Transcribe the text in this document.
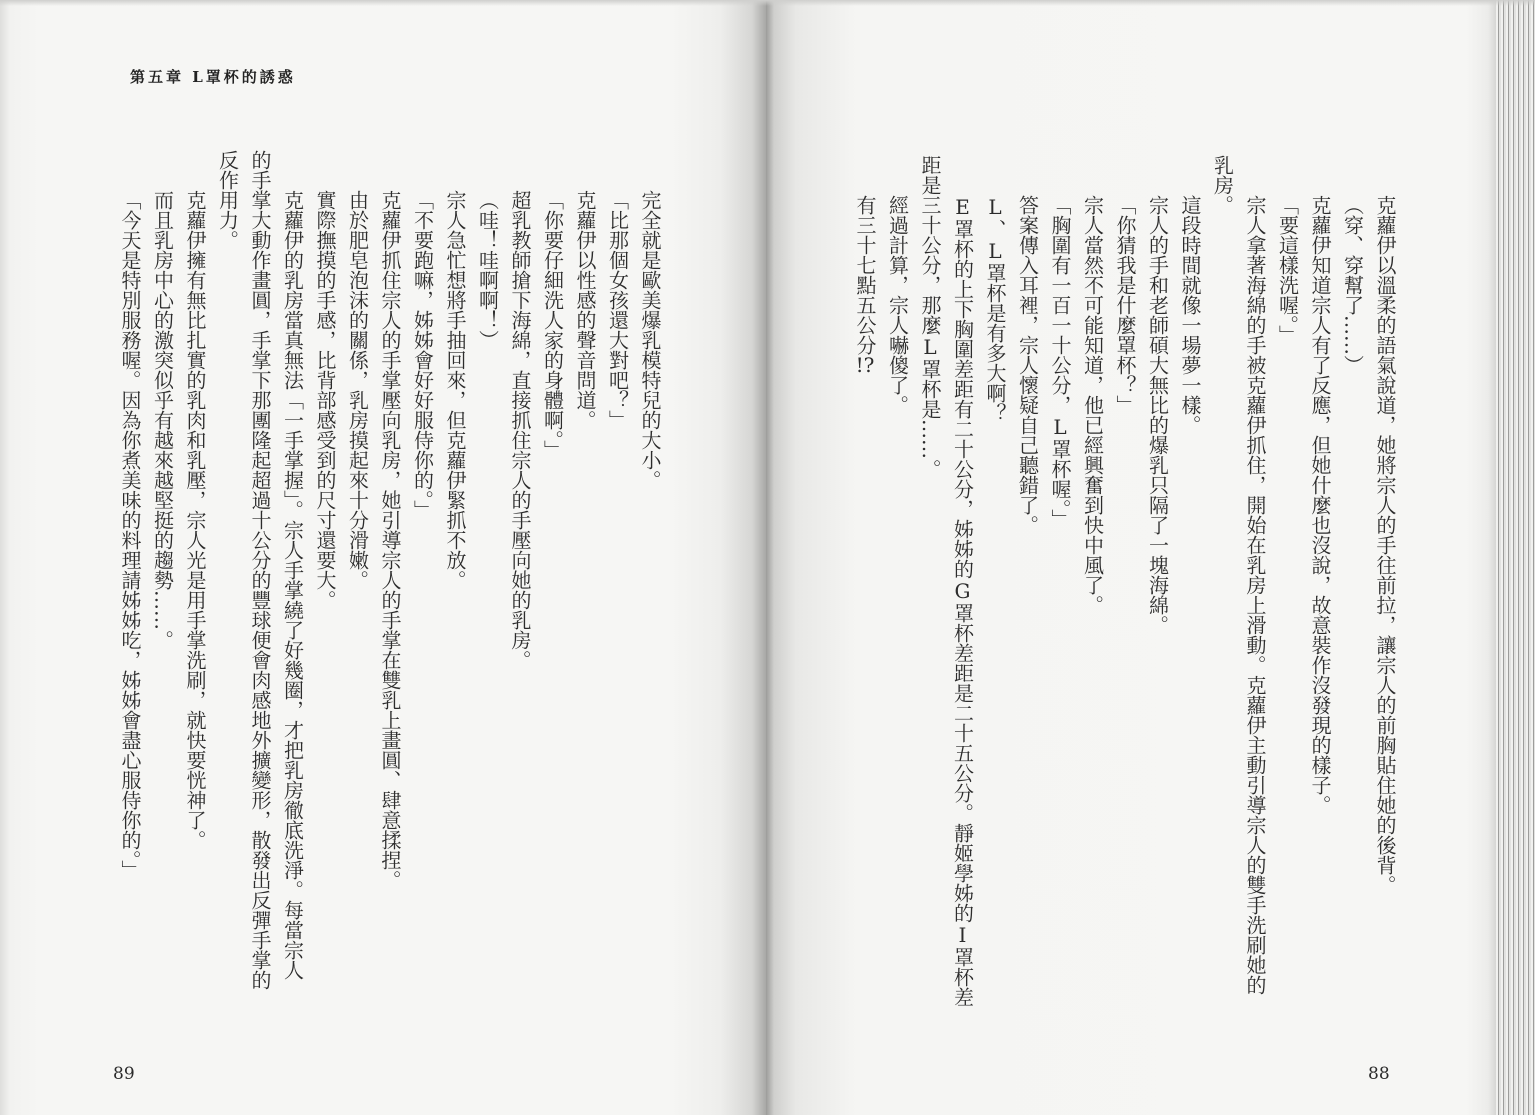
第五章 L罩杯的誘惑
完全就是歐美爆乳模特兒的大小。
「比那個女孩還大對吧？」
克蘿伊以性感的聲音問道。
「你要仔細洗人家的身體啊。」
超乳教師搶下海綿，直接抓住宗人的手壓向她的乳房。
（哇！哇啊啊！）
宗人急忙想將手抽回來，但克蘿伊緊抓不放。
「不要跑嘛，姊姊會好好服侍你的。」
克蘿伊抓住宗人的手掌壓向乳房，她引導宗人的手掌在雙乳上畫圓、肆意揉捏。
由於肥皂泡沫的關係，乳房摸起來十分滑嫩。
實際撫摸的手感，比背部感受到的尺寸還要大。
克蘿伊的乳房當真無法「一手掌握」。宗人手掌繞了好幾圈，才把乳房徹底洗淨。每當宗人
的手掌大動作畫圓，手掌下那團隆起超過十公分的豐球便會肉感地外擴變形，散發出反彈手掌的
反作用力。
克蘿伊擁有無比扎實的乳肉和乳壓，宗人光是用手掌洗刷，就快要恍神了。
而且乳房中心的激突似乎有越來越堅挺的趨勢……。
「今天是特別服務喔。因為你煮美味的料理請姊姊吃，姊姊會盡心服侍你的。」	克蘿伊以溫柔的語氣說道，她將宗人的手往前拉，讓宗人的前胸貼住她的後背。
（穿、穿幫了……）
克蘿伊知道宗人有了反應，但她什麼也沒說，故意裝作沒發現的樣子。
「要這樣洗喔。」
宗人拿著海綿的手被克蘿伊抓住，開始在乳房上滑動。克蘿伊主動引導宗人的雙手洗刷她的
乳房。
這段時間就像一場夢一樣。
宗人的手和老師碩大無比的爆乳只隔了一塊海綿。
「你猜我是什麼罩杯？」
宗人當然不可能知道，他已經興奮到快中風了。
「胸圍有一百一十公分，L罩杯喔。」
答案傳入耳裡，宗人懷疑自己聽錯了。
L、L罩杯是有多大啊？
E罩杯的上下胸圍差距有二十公分，姊姊的G罩杯差距是二十五公分。靜姬學姊的I罩杯差
距是三十公分，那麼L罩杯是……。
經過計算，宗人嚇傻了。
有三十七點五公分!?
89	88
